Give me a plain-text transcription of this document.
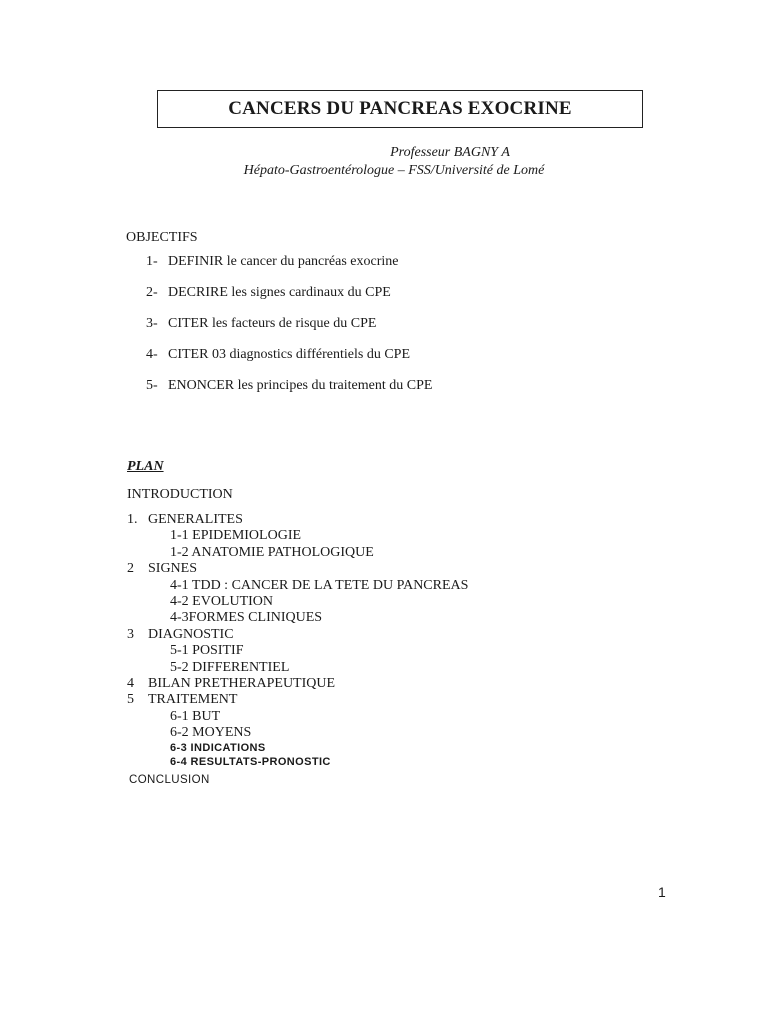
CANCERS DU PANCREAS EXOCRINE
Professeur BAGNY A
Hépato-Gastroentérologue – FSS/Université de Lomé
OBJECTIFS
1- DEFINIR le cancer du pancréas exocrine
2- DECRIRE les signes cardinaux du CPE
3- CITER les facteurs de risque du CPE
4- CITER 03 diagnostics différentiels du CPE
5- ENONCER les principes du traitement du CPE
PLAN
INTRODUCTION
1. GENERALITES
1-1 EPIDEMIOLOGIE
1-2 ANATOMIE PATHOLOGIQUE
2 SIGNES
4-1 TDD : CANCER DE LA TETE DU PANCREAS
4-2 EVOLUTION
4-3FORMES CLINIQUES
3 DIAGNOSTIC
5-1 POSITIF
5-2 DIFFERENTIEL
4 BILAN PRETHERAPEUTIQUE
5 TRAITEMENT
6-1 BUT
6-2 MOYENS
6-3 INDICATIONS
6-4 RESULTATS-PRONOSTIC
CONCLUSION
1
